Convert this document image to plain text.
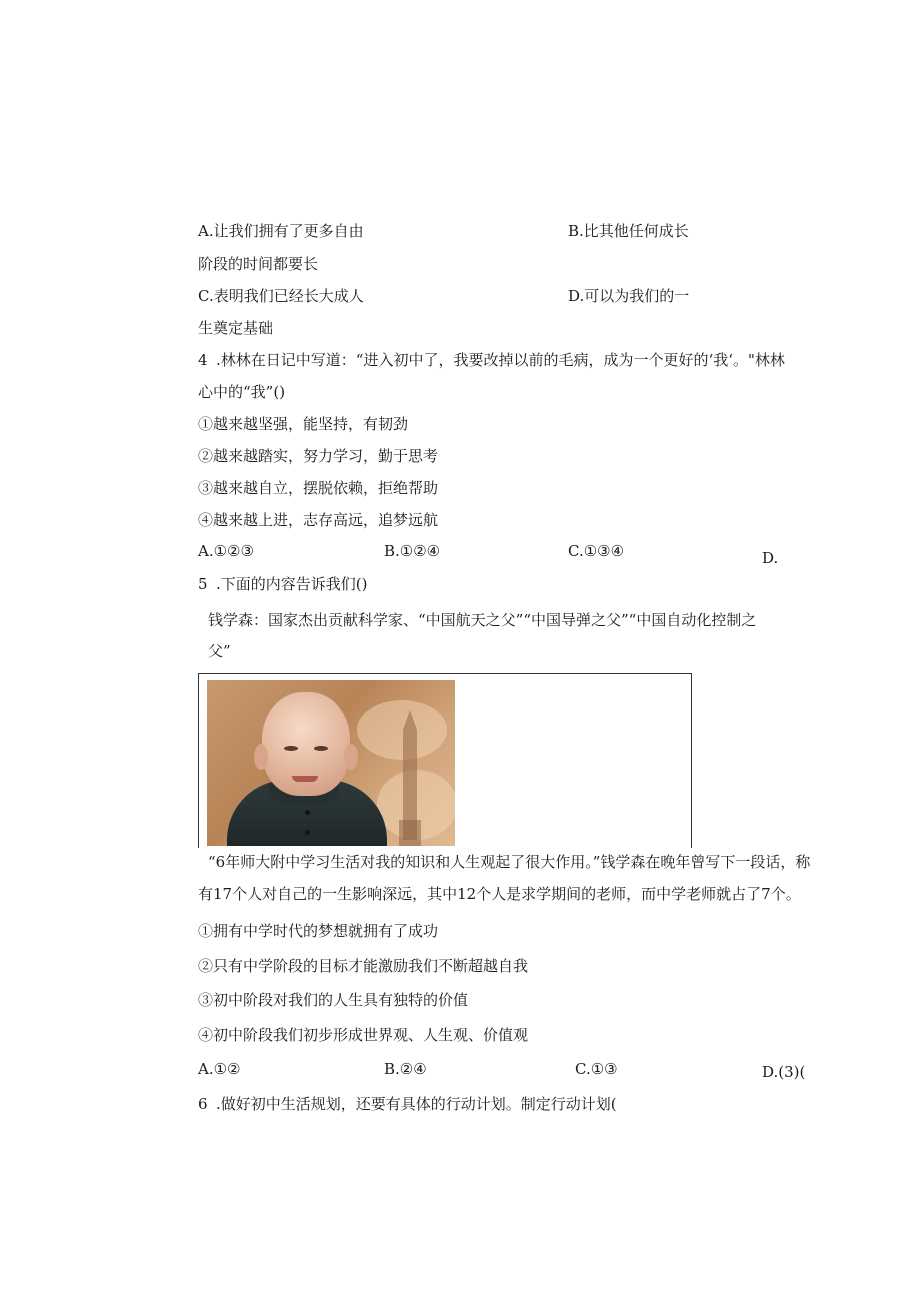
A.让我们拥有了更多自由	B.比其他任何成长
阶段的时间都要长
C.表明我们已经长大成人	D.可以为我们的一
生奠定基础
4 .林林在日记中写道：“进入初中了，我要改掉以前的毛病，成为一个更好的‘我‘。"林林
心中的“我”()
①越来越坚强，能坚持，有韧劲
②越来越踏实，努力学习，勤于思考
③越来越自立，摆脱依赖，拒绝帮助
④越来越上进，志存高远，追梦远航
A.①②③	B.①②④	C.①③④	D.
5 .下面的内容告诉我们()
钱学森：国家杰出贡献科学家、“中国航天之父”“中国导弹之父”“中国自动化控制之
父”
“6年师大附中学习生活对我的知识和人生观起了很大作用。”钱学森在晚年曾写下一段话，称
有17个人对自己的一生影响深远，其中12个人是求学期间的老师，而中学老师就占了7个。
①拥有中学时代的梦想就拥有了成功
②只有中学阶段的目标才能激励我们不断超越自我
③初中阶段对我们的人生具有独特的价值
④初中阶段我们初步形成世界观、人生观、价值观
A.①②	B.②④	C.①③	D.(3)(
6 .做好初中生活规划，还要有具体的行动计划。制定行动计划(
